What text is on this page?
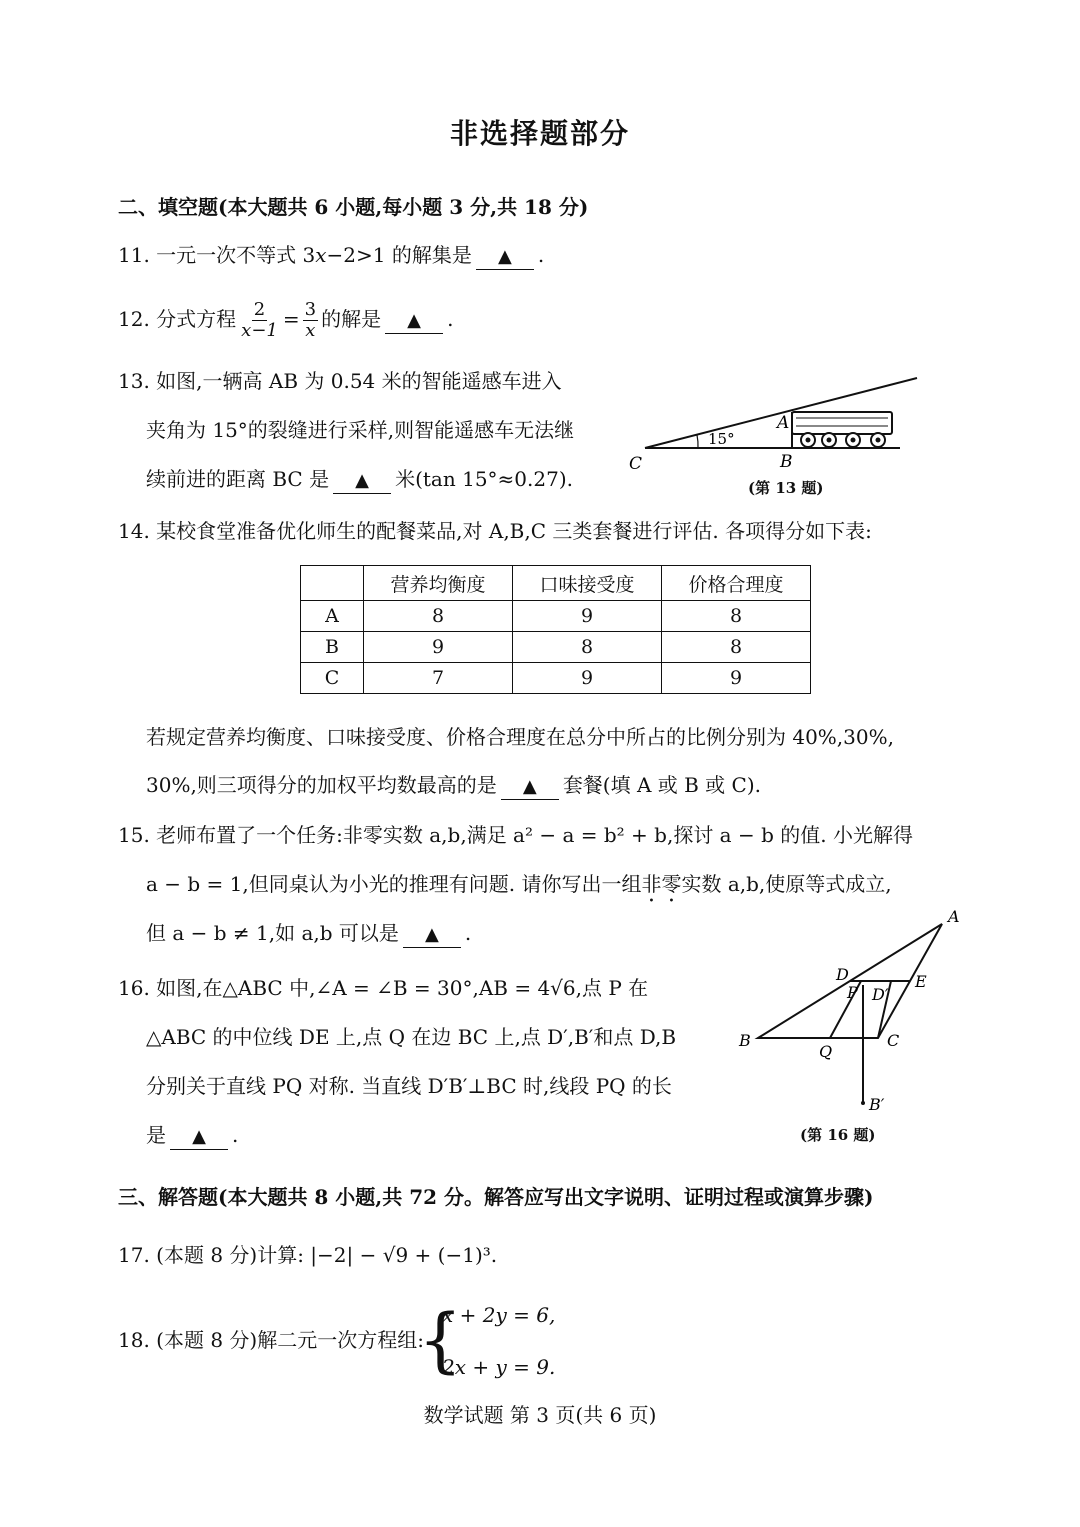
非选择题部分
二、填空题(本大题共 6 小题,每小题 3 分,共 18 分)
11. 一元一次不等式 3x−2>1 的解集是 ▲ .
12. 分式方程 $\frac{2}{x-1} = \frac{3}{x}$ 的解是 ▲ .
13. 如图,一辆高 AB 为 0.54 米的智能遥感车进入
夹角为 15°的裂缝进行采样,则智能遥感车无法继
续前进的距离 BC 是 ▲ 米(tan 15°≈0.27).
C	B
A
15°
(第 13 题)
14. 某校食堂准备优化师生的配餐菜品,对 A,B,C 三类套餐进行评估. 各项得分如下表:
	营养均衡度	口味接受度	价格合理度
A	8	9	8
B	9	8	8
C	7	9	9
若规定营养均衡度、口味接受度、价格合理度在总分中所占的比例分别为 40%,30%,
30%,则三项得分的加权平均数最高的是 ▲ 套餐(填 A 或 B 或 C).
15. 老师布置了一个任务:非零实数 a,b,满足 a² − a = b² + b,探讨 a − b 的值. 小光解得
a − b = 1,但同桌认为小光的推理有问题. 请你写出一组非零实数 a,b,使原等式成立,
但 a − b ≠ 1,如 a,b 可以是 ▲ .
16. 如图,在△ABC 中,∠A = ∠B = 30°,AB = 4√6,点 P 在
△ABC 的中位线 DE 上,点 Q 在边 BC 上,点 D′,B′和点 D,B
分别关于直线 PQ 对称. 当直线 D′B′⊥BC 时,线段 PQ 的长
是 ▲ .
A
B	C
D	E
P D′
Q
B′
(第 16 题)
三、解答题(本大题共 8 小题,共 72 分。解答应写出文字说明、证明过程或演算步骤)
17. (本题 8 分)计算: |−2| − √9 + (−1)³.
18. (本题 8 分)解二元一次方程组:
{
x + 2y = 6,
2x + y = 9.
数学试题 第 3 页(共 6 页)
